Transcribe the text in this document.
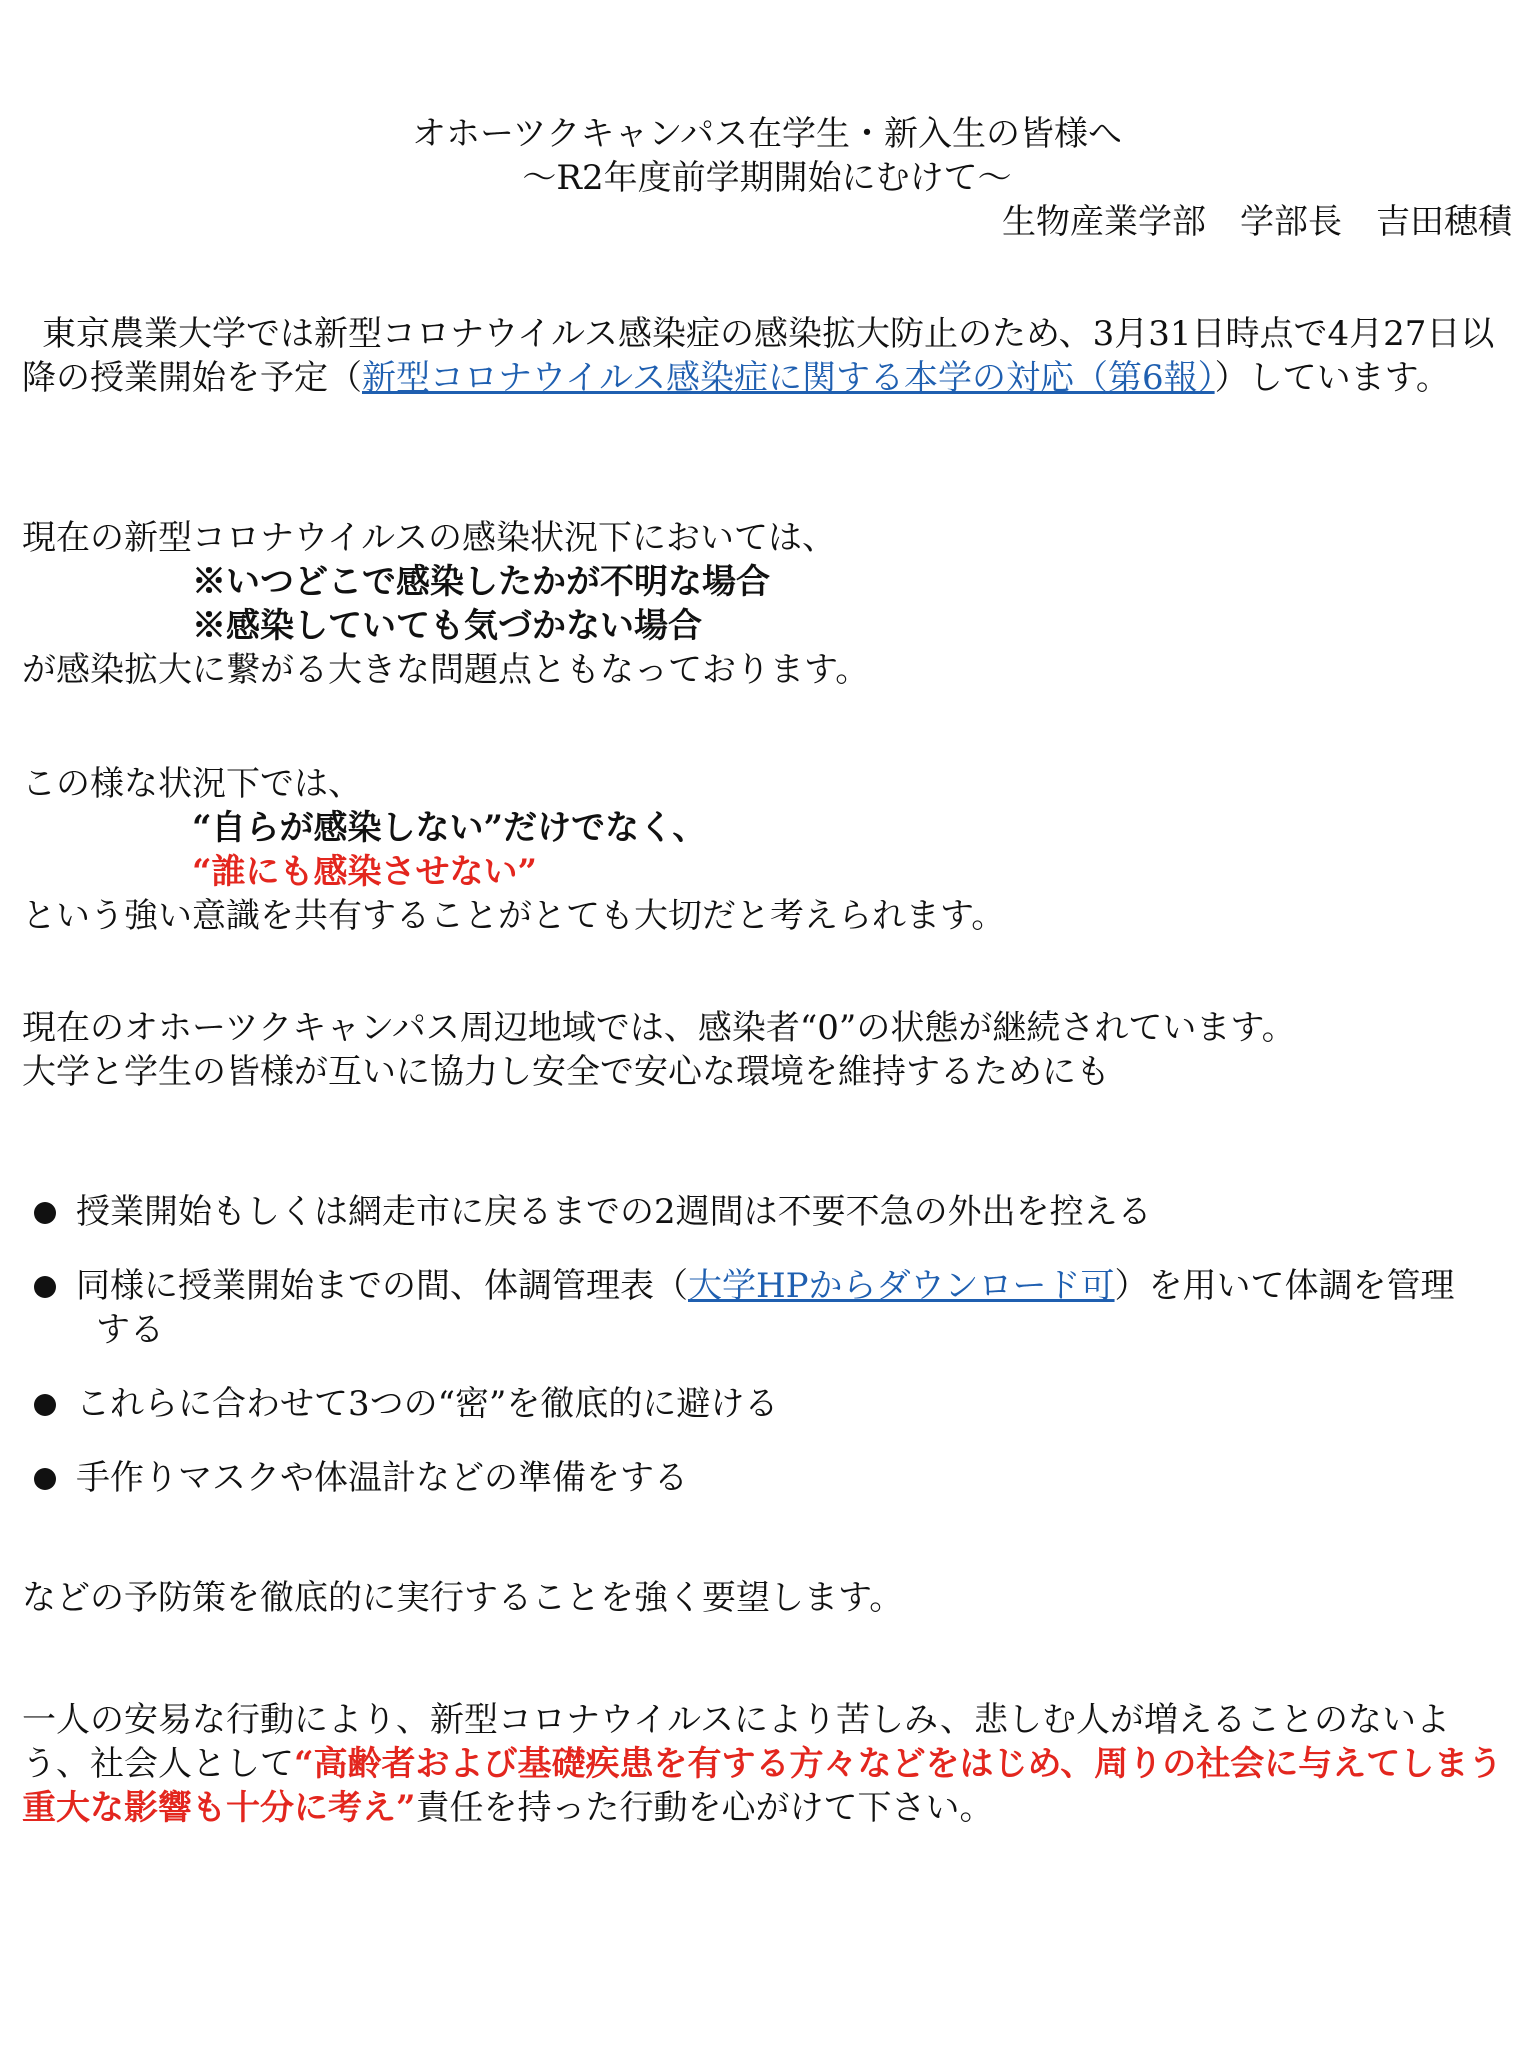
オホーツクキャンパス在学生・新入生の皆様へ
〜R2年度前学期開始にむけて〜
生物産業学部　学部長　吉田穂積
東京農業大学では新型コロナウイルス感染症の感染拡大防止のため、3月31日時点で4月27日以降の授業開始を予定（新型コロナウイルス感染症に関する本学の対応（第6報））しています。
現在の新型コロナウイルスの感染状況下においては、
※いつどこで感染したかが不明な場合
※感染していても気づかない場合
が感染拡大に繋がる大きな問題点ともなっております。
この様な状況下では、
“自らが感染しない”だけでなく、
“誰にも感染させない”
という強い意識を共有することがとても大切だと考えられます。
現在のオホーツクキャンパス周辺地域では、感染者“0”の状態が継続されています。
大学と学生の皆様が互いに協力し安全で安心な環境を維持するためにも
授業開始もしくは網走市に戻るまでの2週間は不要不急の外出を控える
同様に授業開始までの間、体調管理表（大学HPからダウンロード可）を用いて体調を管理
する
これらに合わせて3つの“密”を徹底的に避ける
手作りマスクや体温計などの準備をする
などの予防策を徹底的に実行することを強く要望します。
一人の安易な行動により、新型コロナウイルスにより苦しみ、悲しむ人が増えることのないよう、社会人として“高齢者および基礎疾患を有する方々などをはじめ、周りの社会に与えてしまう重大な影響も十分に考え”責任を持った行動を心がけて下さい。
